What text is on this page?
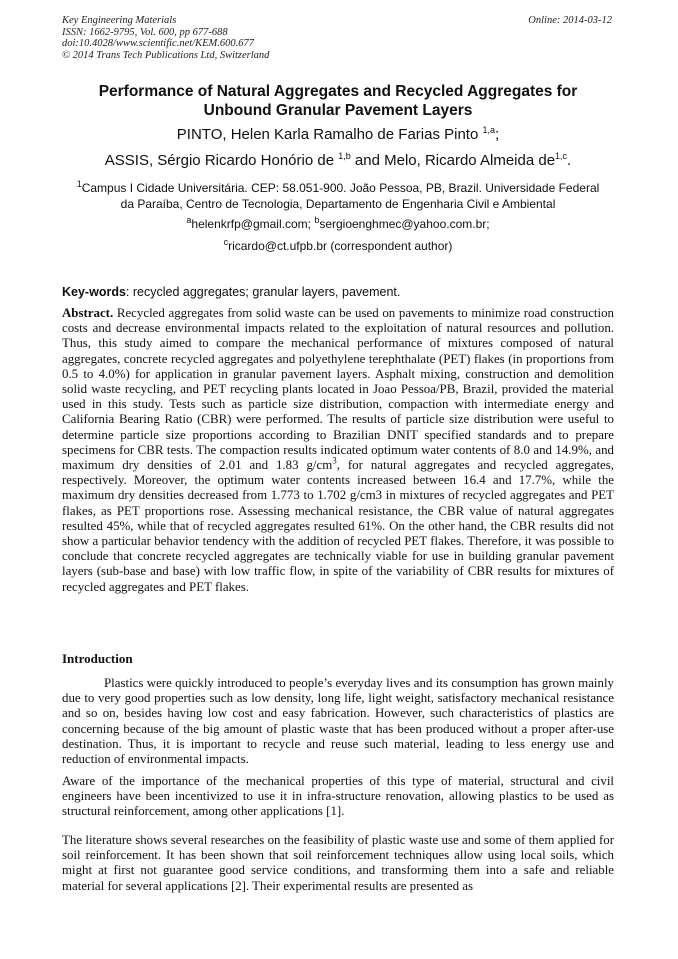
Key Engineering Materials
ISSN: 1662-9795, Vol. 600, pp 677-688
doi:10.4028/www.scientific.net/KEM.600.677
© 2014 Trans Tech Publications Ltd, Switzerland
Online: 2014-03-12
Performance of Natural Aggregates and Recycled Aggregates for
Unbound Granular Pavement Layers
PINTO, Helen Karla Ramalho de Farias Pinto $^{1,a}$;
ASSIS, Sérgio Ricardo Honório de $^{1,b}$ and Melo, Ricardo Almeida de$^{1,c}$.
$^1$Campus I Cidade Universitária. CEP: 58.051-900. João Pessoa, PB, Brazil. Universidade Federal
da Paraíba, Centro de Tecnologia, Departamento de Engenharia Civil e Ambiental
$^a$helenkrfp@gmail.com; $^b$sergioenghmec@yahoo.com.br;
$^c$ricardo@ct.ufpb.br (correspondent author)
Key-words: recycled aggregates; granular layers, pavement.
Abstract. Recycled aggregates from solid waste can be used on pavements to minimize road construction costs and decrease environmental impacts related to the exploitation of natural resources and pollution. Thus, this study aimed to compare the mechanical performance of mixtures composed of natural aggregates, concrete recycled aggregates and polyethylene terephthalate (PET) flakes (in proportions from 0.5 to 4.0%) for application in granular pavement layers. Asphalt mixing, construction and demolition solid waste recycling, and PET recycling plants located in Joao Pessoa/PB, Brazil, provided the material used in this study. Tests such as particle size distribution, compaction with intermediate energy and California Bearing Ratio (CBR) were performed. The results of particle size distribution were useful to determine particle size proportions according to Brazilian DNIT specified standards and to prepare specimens for CBR tests. The compaction results indicated optimum water contents of 8.0 and 14.9%, and maximum dry densities of 2.01 and 1.83 $g/cm^3$, for natural aggregates and recycled aggregates, respectively. Moreover, the optimum water contents increased between 16.4 and 17.7%, while the maximum dry densities decreased from 1.773 to 1.702 g/cm3 in mixtures of recycled aggregates and PET flakes, as PET proportions rose. Assessing mechanical resistance, the CBR value of natural aggregates resulted 45%, while that of recycled aggregates resulted 61%. On the other hand, the CBR results did not show a particular behavior tendency with the addition of recycled PET flakes. Therefore, it was possible to conclude that concrete recycled aggregates are technically viable for use in building granular pavement layers (sub-base and base) with low traffic flow, in spite of the variability of CBR results for mixtures of recycled aggregates and PET flakes.
Introduction
Plastics were quickly introduced to people’s everyday lives and its consumption has grown mainly due to very good properties such as low density, long life, light weight, satisfactory mechanical resistance and so on, besides having low cost and easy fabrication. However, such characteristics of plastics are concerning because of the big amount of plastic waste that has been produced without a proper after-use destination. Thus, it is important to recycle and reuse such material, leading to less energy use and reduction of environmental impacts.
Aware of the importance of the mechanical properties of this type of material, structural and civil engineers have been incentivized to use it in infra-structure renovation, allowing plastics to be used as structural reinforcement, among other applications [1].
The literature shows several researches on the feasibility of plastic waste use and some of them applied for soil reinforcement. It has been shown that soil reinforcement techniques allow using local soils, which might at first not guarantee good service conditions, and transforming them into a safe and reliable material for several applications [2]. Their experimental results are presented as
